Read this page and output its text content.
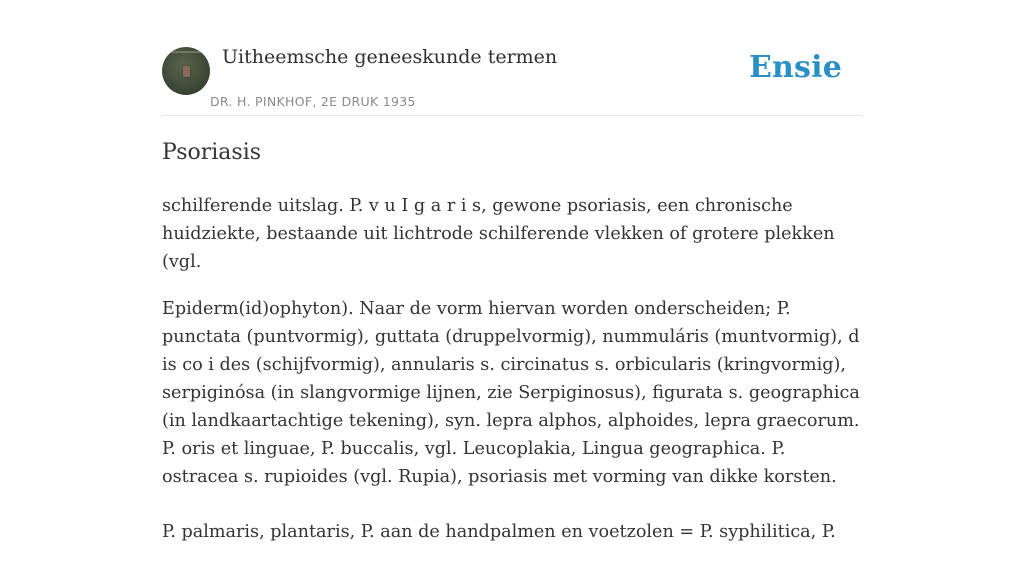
Uitheemsche geneeskunde termen
DR. H. PINKHOF, 2E DRUK 1935
Ensie
Psoriasis

schilferende uitslag. P. v u I g a r i s, gewone psoriasis, een chronische huidziekte, bestaande uit lichtrode schilferende vlekken of grotere plekken (vgl.

Epiderm(id)ophyton). Naar de vorm hiervan worden onderscheiden; P. punctata (puntvormig), guttata (druppelvormig), nummuláris (muntvormig), d is co i des (schijfvormig), annularis s. circinatus s. orbicularis (kringvormig), serpiginósa (in slangvormige lijnen, zie Serpiginosus), figurata s. geographica (in landkaartachtige tekening), syn. lepra alphos, alphoides, lepra graecorum. P. oris et linguae, P. buccalis, vgl. Leucoplakia, Lingua geographica. P. ostracea s. rupioides (vgl. Rupia), psoriasis met vorming van dikke korsten.

P. palmaris, plantaris, P. aan de handpalmen en voetzolen = P. syphilitica, P.
